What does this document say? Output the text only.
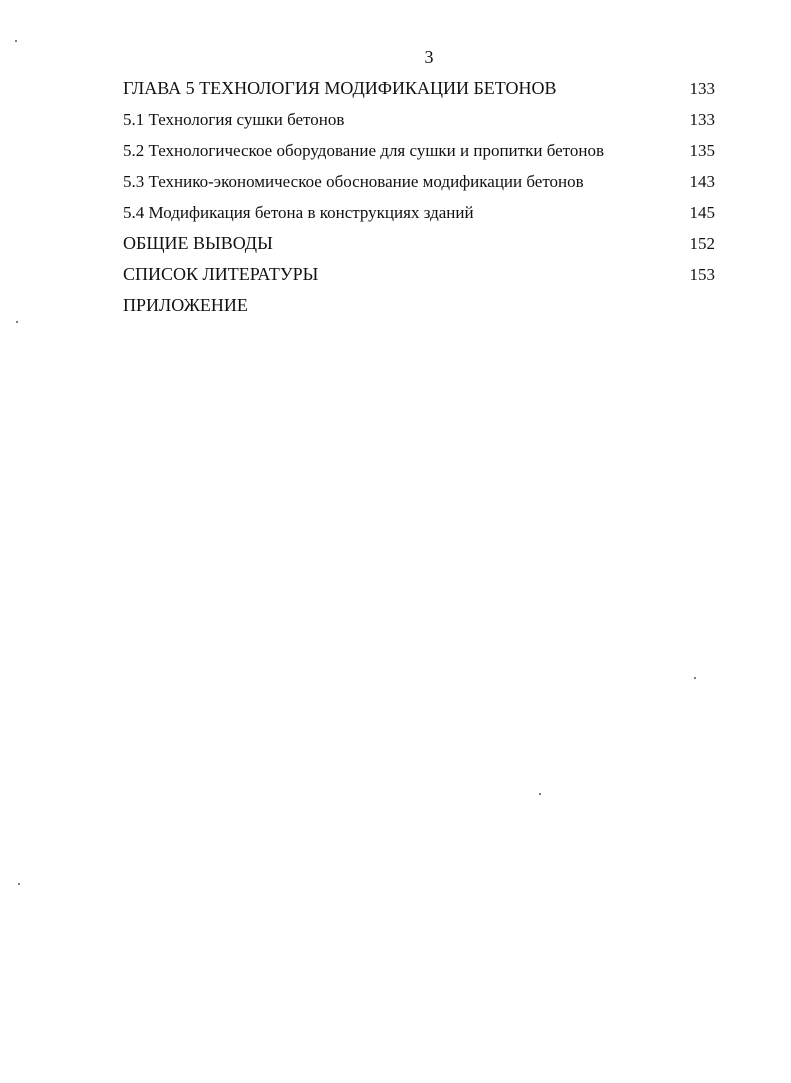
3
ГЛАВА 5 ТЕХНОЛОГИЯ МОДИФИКАЦИИ БЕТОНОВ	133
5.1 Технология сушки бетонов	133
5.2 Технологическое оборудование для сушки и пропитки бетонов	135
5.3 Технико-экономическое обоснование модификации бетонов	143
5.4 Модификация бетона в конструкциях зданий	145
ОБЩИЕ ВЫВОДЫ	152
СПИСОК ЛИТЕРАТУРЫ	153
ПРИЛОЖЕНИЕ
